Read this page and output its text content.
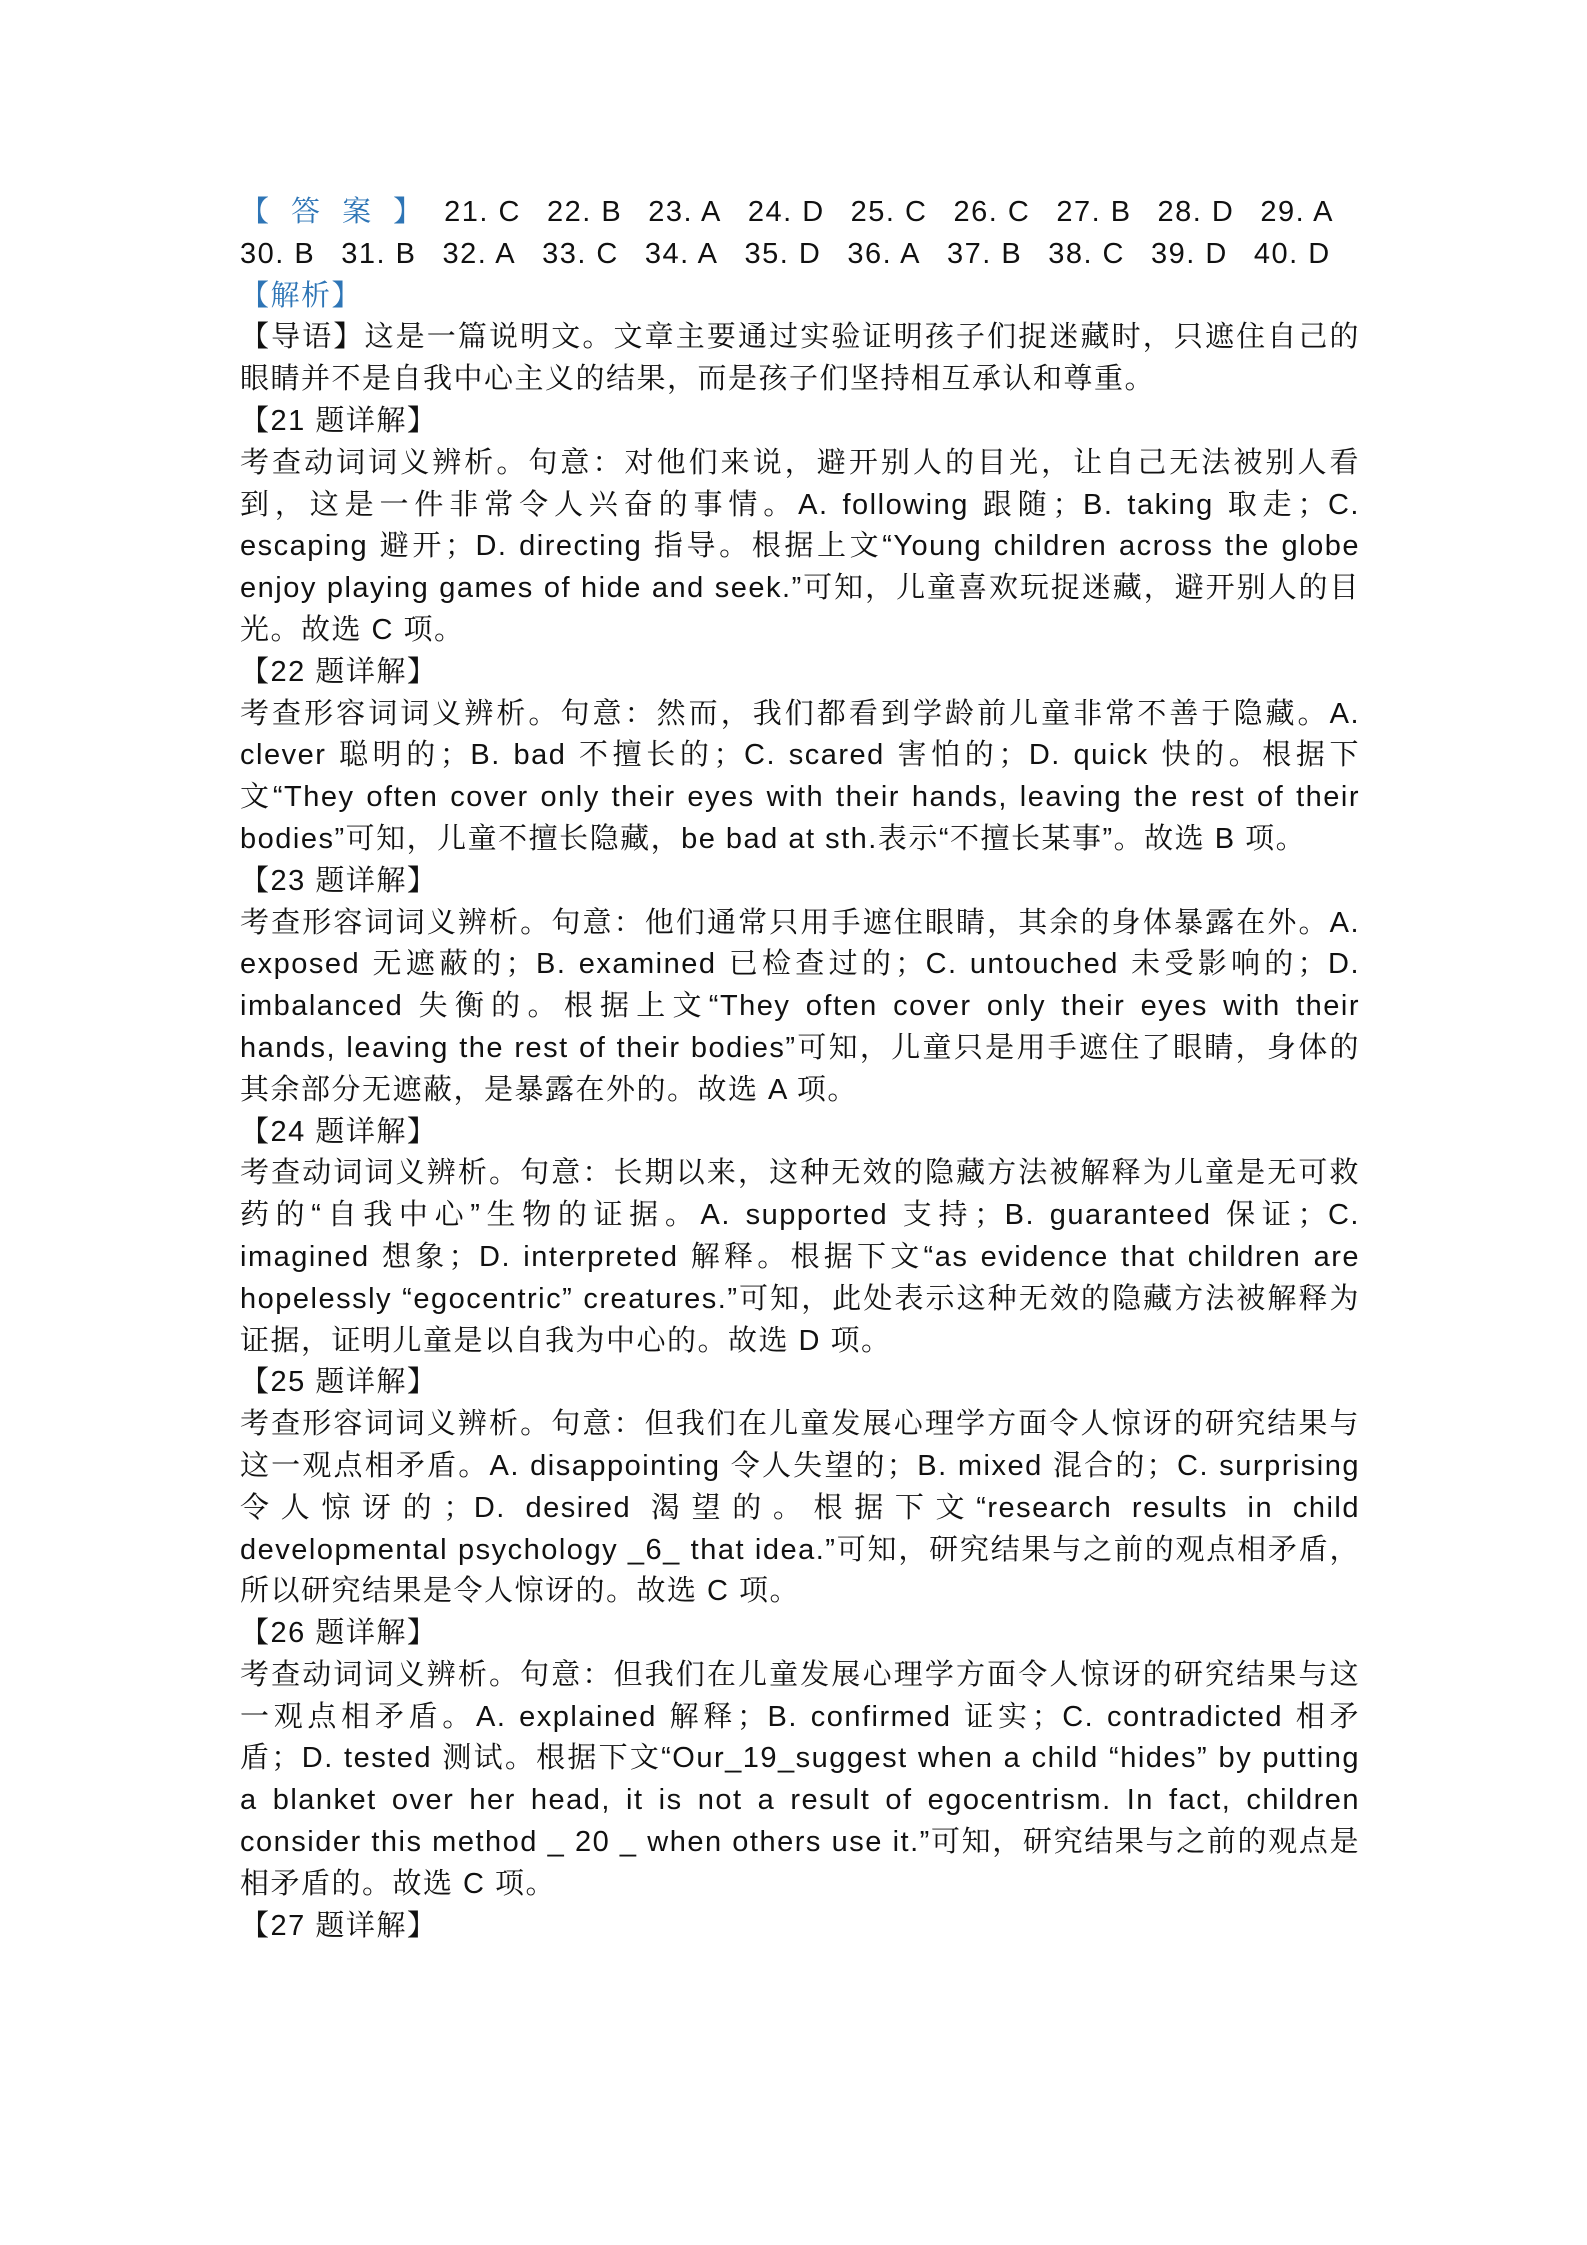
【答案】21. C 22. B 23. A 24. D 25. C 26. C 27. B 28. D 29. A30. B 31. B 32. A 33. C 34. A 35. D 36. A 37. B 38. C 39. D 40. D

【解析】

【导语】这是一篇说明文。文章主要通过实验证明孩子们捉迷藏时，只遮住自己的眼睛并不是自我中心主义的结果，而是孩子们坚持相互承认和尊重。

【21 题详解】

考查动词词义辨析。句意：对他们来说，避开别人的目光，让自己无法被别人看到，这是一件非常令人兴奋的事情。A. following 跟随；B. taking 取走；C. escaping 避开；D. directing 指导。根据上文“Young children across the globe enjoy playing games of hide and seek.”可知，儿童喜欢玩捉迷藏，避开别人的目光。故选 C 项。

【22 题详解】

考查形容词词义辨析。句意：然而，我们都看到学龄前儿童非常不善于隐藏。A. clever 聪明的；B. bad 不擅长的；C. scared 害怕的；D. quick 快的。根据下文“They often cover only their eyes with their hands, leaving the rest of their bodies”可知，儿童不擅长隐藏，be bad at sth.表示“不擅长某事”。故选 B 项。

【23 题详解】

考查形容词词义辨析。句意：他们通常只用手遮住眼睛，其余的身体暴露在外。A. exposed 无遮蔽的；B. examined 已检查过的；C. untouched 未受影响的；D. imbalanced 失衡的。根据上文“They often cover only their eyes with their hands, leaving the rest of their bodies”可知，儿童只是用手遮住了眼睛，身体的其余部分无遮蔽，是暴露在外的。故选 A 项。

【24 题详解】

考查动词词义辨析。句意：长期以来，这种无效的隐藏方法被解释为儿童是无可救药的“自我中心”生物的证据。A. supported 支持；B. guaranteed 保证；C. imagined 想象；D. interpreted 解释。根据下文“as evidence that children are hopelessly “egocentric” creatures.”可知，此处表示这种无效的隐藏方法被解释为证据，证明儿童是以自我为中心的。故选 D 项。

【25 题详解】

考查形容词词义辨析。句意：但我们在儿童发展心理学方面令人惊讶的研究结果与这一观点相矛盾。A. disappointing 令人失望的；B. mixed 混合的；C. surprising 令人惊讶的；D. desired 渴望的。根据下文“research results in child developmental psychology _6_ that idea.”可知，研究结果与之前的观点相矛盾，所以研究结果是令人惊讶的。故选 C 项。

【26 题详解】

考查动词词义辨析。句意：但我们在儿童发展心理学方面令人惊讶的研究结果与这一观点相矛盾。A. explained 解释；B. confirmed 证实；C. contradicted 相矛盾；D. tested 测试。根据下文“Our_19_suggest when a child “hides” by putting a blanket over her head, it is not a result of egocentrism. In fact, children consider this method _ 20 _ when others use it.”可知，研究结果与之前的观点是相矛盾的。故选 C 项。

【27 题详解】
